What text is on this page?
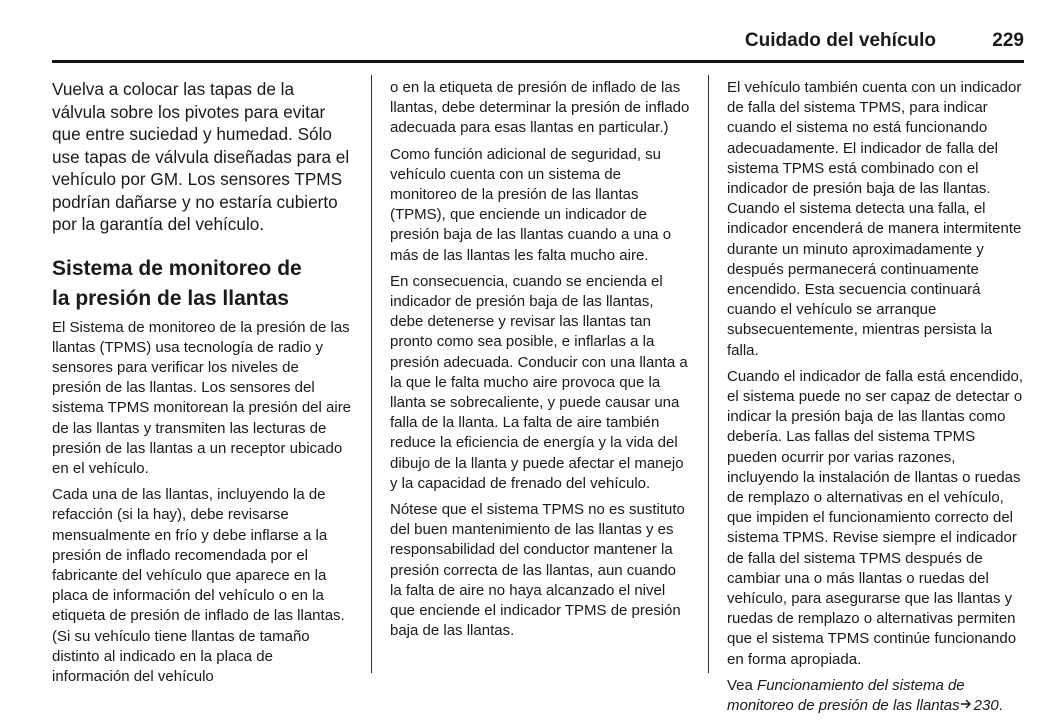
Cuidado del vehículo	229

Vuelva a colocar las tapas de la válvula sobre los pivotes para evitar que entre suciedad y humedad. Sólo use tapas de válvula diseñadas para el vehículo por GM. Los sensores TPMS podrían dañarse y no estaría cubierto por la garantía del vehículo.

Sistema de monitoreo de la presión de las llantas

El Sistema de monitoreo de la presión de las llantas (TPMS) usa tecnología de radio y sensores para verificar los niveles de presión de las llantas. Los sensores del sistema TPMS monitorean la presión del aire de las llantas y transmiten las lecturas de presión de las llantas a un receptor ubicado en el vehículo.

Cada una de las llantas, incluyendo la de refacción (si la hay), debe revisarse mensualmente en frío y debe inflarse a la presión de inflado recomendada por el fabricante del vehículo que aparece en la placa de información del vehículo o en la etiqueta de presión de inflado de las llantas. (Si su vehículo tiene llantas de tamaño distinto al indicado en la placa de información del vehículo

o en la etiqueta de presión de inflado de las llantas, debe determinar la presión de inflado adecuada para esas llantas en particular.)

Como función adicional de seguridad, su vehículo cuenta con un sistema de monitoreo de la presión de las llantas (TPMS), que enciende un indicador de presión baja de las llantas cuando a una o más de las llantas les falta mucho aire.

En consecuencia, cuando se encienda el indicador de presión baja de las llantas, debe detenerse y revisar las llantas tan pronto como sea posible, e inflarlas a la presión adecuada. Conducir con una llanta a la que le falta mucho aire provoca que la llanta se sobrecaliente, y puede causar una falla de la llanta. La falta de aire también reduce la eficiencia de energía y la vida del dibujo de la llanta y puede afectar el manejo y la capacidad de frenado del vehículo.

Nótese que el sistema TPMS no es sustituto del buen mantenimiento de las llantas y es responsabilidad del conductor mantener la presión correcta de las llantas, aun cuando la falta de aire no haya alcanzado el nivel que enciende el indicador TPMS de presión baja de las llantas.

El vehículo también cuenta con un indicador de falla del sistema TPMS, para indicar cuando el sistema no está funcionando adecuadamente. El indicador de falla del sistema TPMS está combinado con el indicador de presión baja de las llantas. Cuando el sistema detecta una falla, el indicador encenderá de manera intermitente durante un minuto aproximadamente y después permanecerá continuamente encendido. Esta secuencia continuará cuando el vehículo se arranque subsecuentemente, mientras persista la falla.

Cuando el indicador de falla está encendido, el sistema puede no ser capaz de detectar o indicar la presión baja de las llantas como debería. Las fallas del sistema TPMS pueden ocurrir por varias razones, incluyendo la instalación de llantas o ruedas de remplazo o alternativas en el vehículo, que impiden el funcionamiento correcto del sistema TPMS. Revise siempre el indicador de falla del sistema TPMS después de cambiar una o más llantas o ruedas del vehículo, para asegurarse que las llantas y ruedas de remplazo o alternativas permiten que el sistema TPMS continúe funcionando en forma apropiada.

Vea Funcionamiento del sistema de monitoreo de presión de las llantas 230.
